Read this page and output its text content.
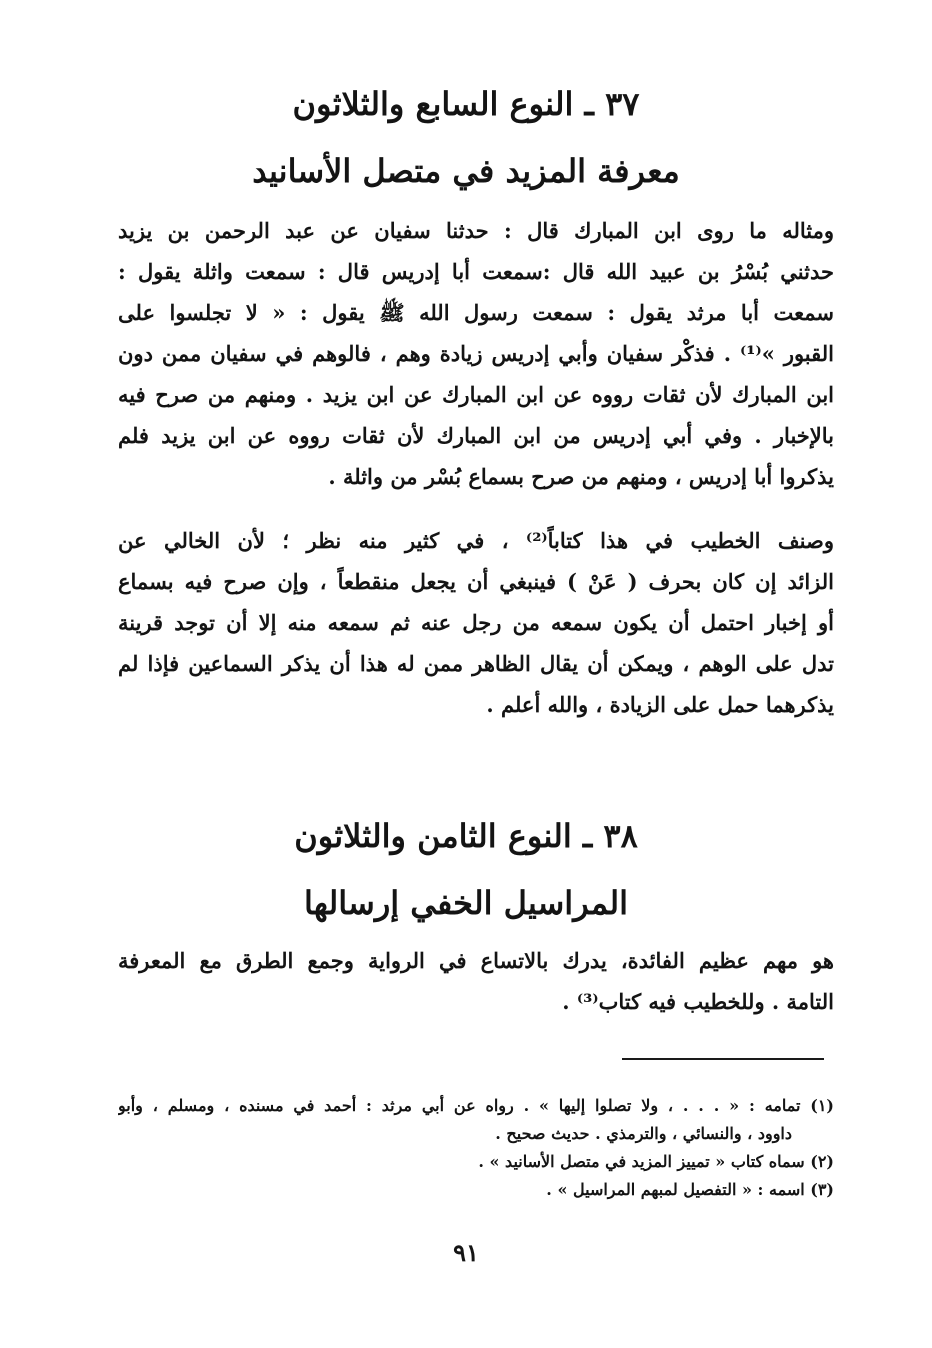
٣٧ ـ النوع السابع والثلاثون
معرفة المزيد في متصل الأسانيد
ومثاله ما روى ابن المبارك قال : حدثنا سفيان عن عبد الرحمن بن يزيد
حدثني بُسْرُ بن عبيد الله قال :سمعت أبا إدريس قال : سمعت واثلة يقول :
سمعت أبا مرثد يقول : سمعت رسول الله ﷺ يقول : « لا تجلسوا على
القبور »⁽¹⁾ . فذكْر سفيان وأبي إدريس زيادة وهم ، فالوهم في سفيان ممن دون
ابن المبارك لأن ثقات رووه عن ابن المبارك عن ابن يزيد . ومنهم من صرح فيه
بالإخبار . وفي أبي إدريس من ابن المبارك لأن ثقات رووه عن ابن يزيد فلم
يذكروا أبا إدريس ، ومنهم من صرح بسماع بُسْر من واثلة .
وصنف الخطيب في هذا كتاباً⁽²⁾ ، في كثير منه نظر ؛ لأن الخالي عن
الزائد إن كان بحرف ( عَنْ ) فينبغي أن يجعل منقطعاً ، وإن صرح فيه بسماع
أو إخبار احتمل أن يكون سمعه من رجل عنه ثم سمعه منه إلا أن توجد قرينة
تدل على الوهم ، ويمكن أن يقال الظاهر ممن له هذا أن يذكر السماعين فإذا لم
يذكرهما حمل على الزيادة ، والله أعلم .
٣٨ ـ النوع الثامن والثلاثون
المراسيل الخفي إرسالها
هو مهم عظيم الفائدة، يدرك بالاتساع في الرواية وجمع الطرق مع المعرفة
التامة . وللخطيب فيه كتاب⁽³⁾ .
(١) تمامه : « . . . ، ولا تصلوا إليها » . رواه عن أبي مرثد : أحمد في مسنده ، ومسلم ، وأبو
داوود ، والنسائي ، والترمذي . حديث صحيح .
(٢) سماه كتاب « تمييز المزيد في متصل الأسانيد » .
(٣) اسمه : « التفصيل لمبهم المراسيل » .
٩١
